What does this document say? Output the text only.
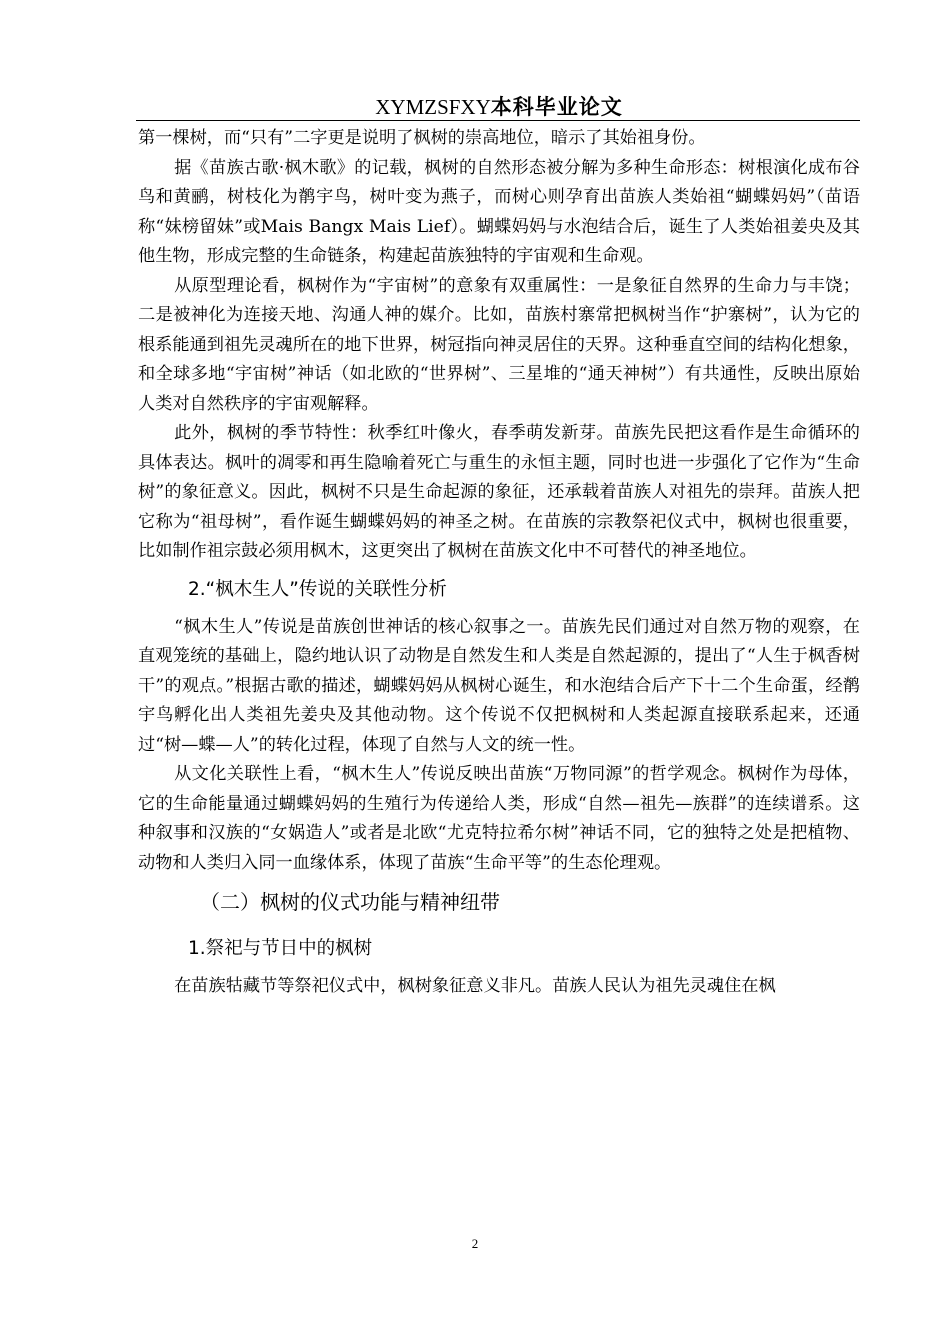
XYMZSFXY本科毕业论文

第一棵树，而“只有”二字更是说明了枫树的崇高地位，暗示了其始祖身份。

据《苗族古歌·枫木歌》的记载，枫树的自然形态被分解为多种生命形态：树根演化成布谷鸟和黄鹂，树枝化为鹡宇鸟，树叶变为燕子，而树心则孕育出苗族人类始祖“蝴蝶妈妈”（苗语称“妹榜留妹”或Mais Bangx Mais Lief）。蝴蝶妈妈与水泡结合后，诞生了人类始祖姜央及其他生物，形成完整的生命链条，构建起苗族独特的宇宙观和生命观。

从原型理论看，枫树作为“宇宙树”的意象有双重属性：一是象征自然界的生命力与丰饶；二是被神化为连接天地、沟通人神的媒介。比如，苗族村寨常把枫树当作“护寨树”，认为它的根系能通到祖先灵魂所在的地下世界，树冠指向神灵居住的天界。这种垂直空间的结构化想象，和全球多地“宇宙树”神话（如北欧的“世界树”、三星堆的“通天神树”）有共通性，反映出原始人类对自然秩序的宇宙观解释。

此外，枫树的季节特性：秋季红叶像火，春季萌发新芽。苗族先民把这看作是生命循环的具体表达。枫叶的凋零和再生隐喻着死亡与重生的永恒主题，同时也进一步强化了它作为“生命树”的象征意义。因此，枫树不只是生命起源的象征，还承载着苗族人对祖先的崇拜。苗族人把它称为“祖母树”，看作诞生蝴蝶妈妈的神圣之树。在苗族的宗教祭祀仪式中，枫树也很重要，比如制作祖宗鼓必须用枫木，这更突出了枫树在苗族文化中不可替代的神圣地位。

2.“枫木生人”传说的关联性分析

“枫木生人”传说是苗族创世神话的核心叙事之一。苗族先民们通过对自然万物的观察，在直观笼统的基础上，隐约地认识了动物是自然发生和人类是自然起源的，提出了“人生于枫香树干”的观点。”根据古歌的描述，蝴蝶妈妈从枫树心诞生，和水泡结合后产下十二个生命蛋，经鹡宇鸟孵化出人类祖先姜央及其他动物。这个传说不仅把枫树和人类起源直接联系起来，还通过“树—蝶—人”的转化过程，体现了自然与人文的统一性。

从文化关联性上看，“枫木生人”传说反映出苗族“万物同源”的哲学观念。枫树作为母体，它的生命能量通过蝴蝶妈妈的生殖行为传递给人类，形成“自然—祖先—族群”的连续谱系。这种叙事和汉族的“女娲造人”或者是北欧“尤克特拉希尔树”神话不同，它的独特之处是把植物、动物和人类归入同一血缘体系，体现了苗族“生命平等”的生态伦理观。

（二）枫树的仪式功能与精神纽带
1.祭祀与节日中的枫树

在苗族牯藏节等祭祀仪式中，枫树象征意义非凡。苗族人民认为祖先灵魂住在枫

2
